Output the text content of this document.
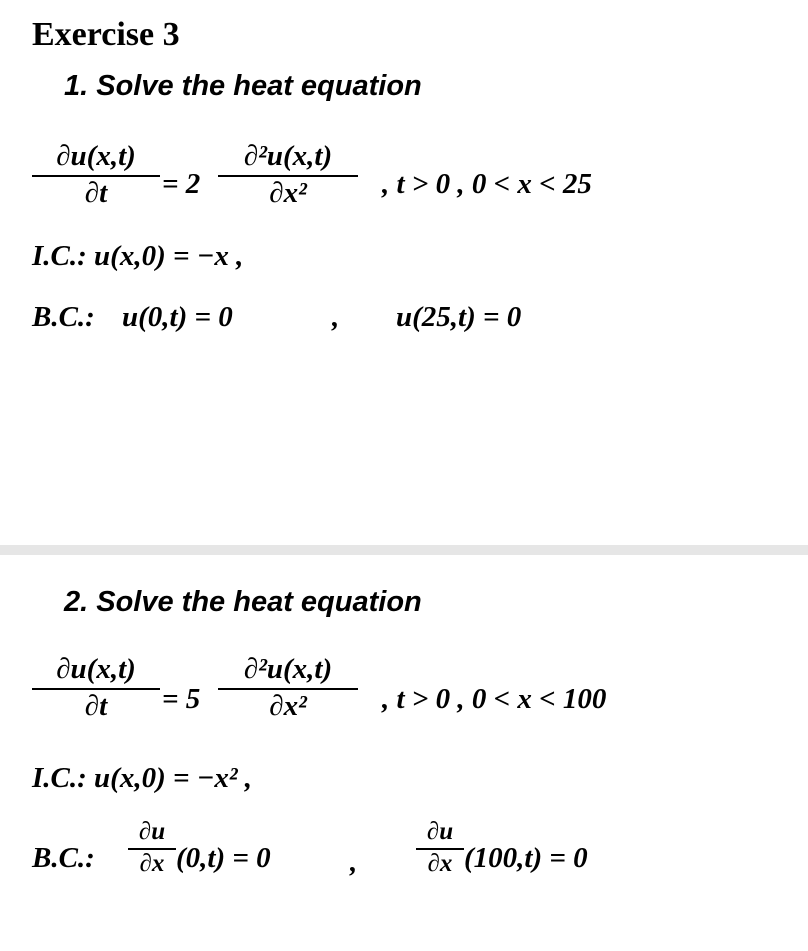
Exercise 3
1. Solve the heat equation
∂u(x,t)
∂t	= 2
∂²u(x,t)
∂x²	, t > 0 , 0 < x < 25
I.C.: u(x,0) = −x ,
B.C.: u(0,t) = 0	, u(25,t) = 0
2. Solve the heat equation
∂u(x,t)
∂t	= 5
∂²u(x,t)
∂x²	, t > 0 , 0 < x < 100
I.C.: u(x,0) = −x² ,
B.C.:
∂u
∂x (0,t) = 0	,
∂u
∂x (100,t) = 0
